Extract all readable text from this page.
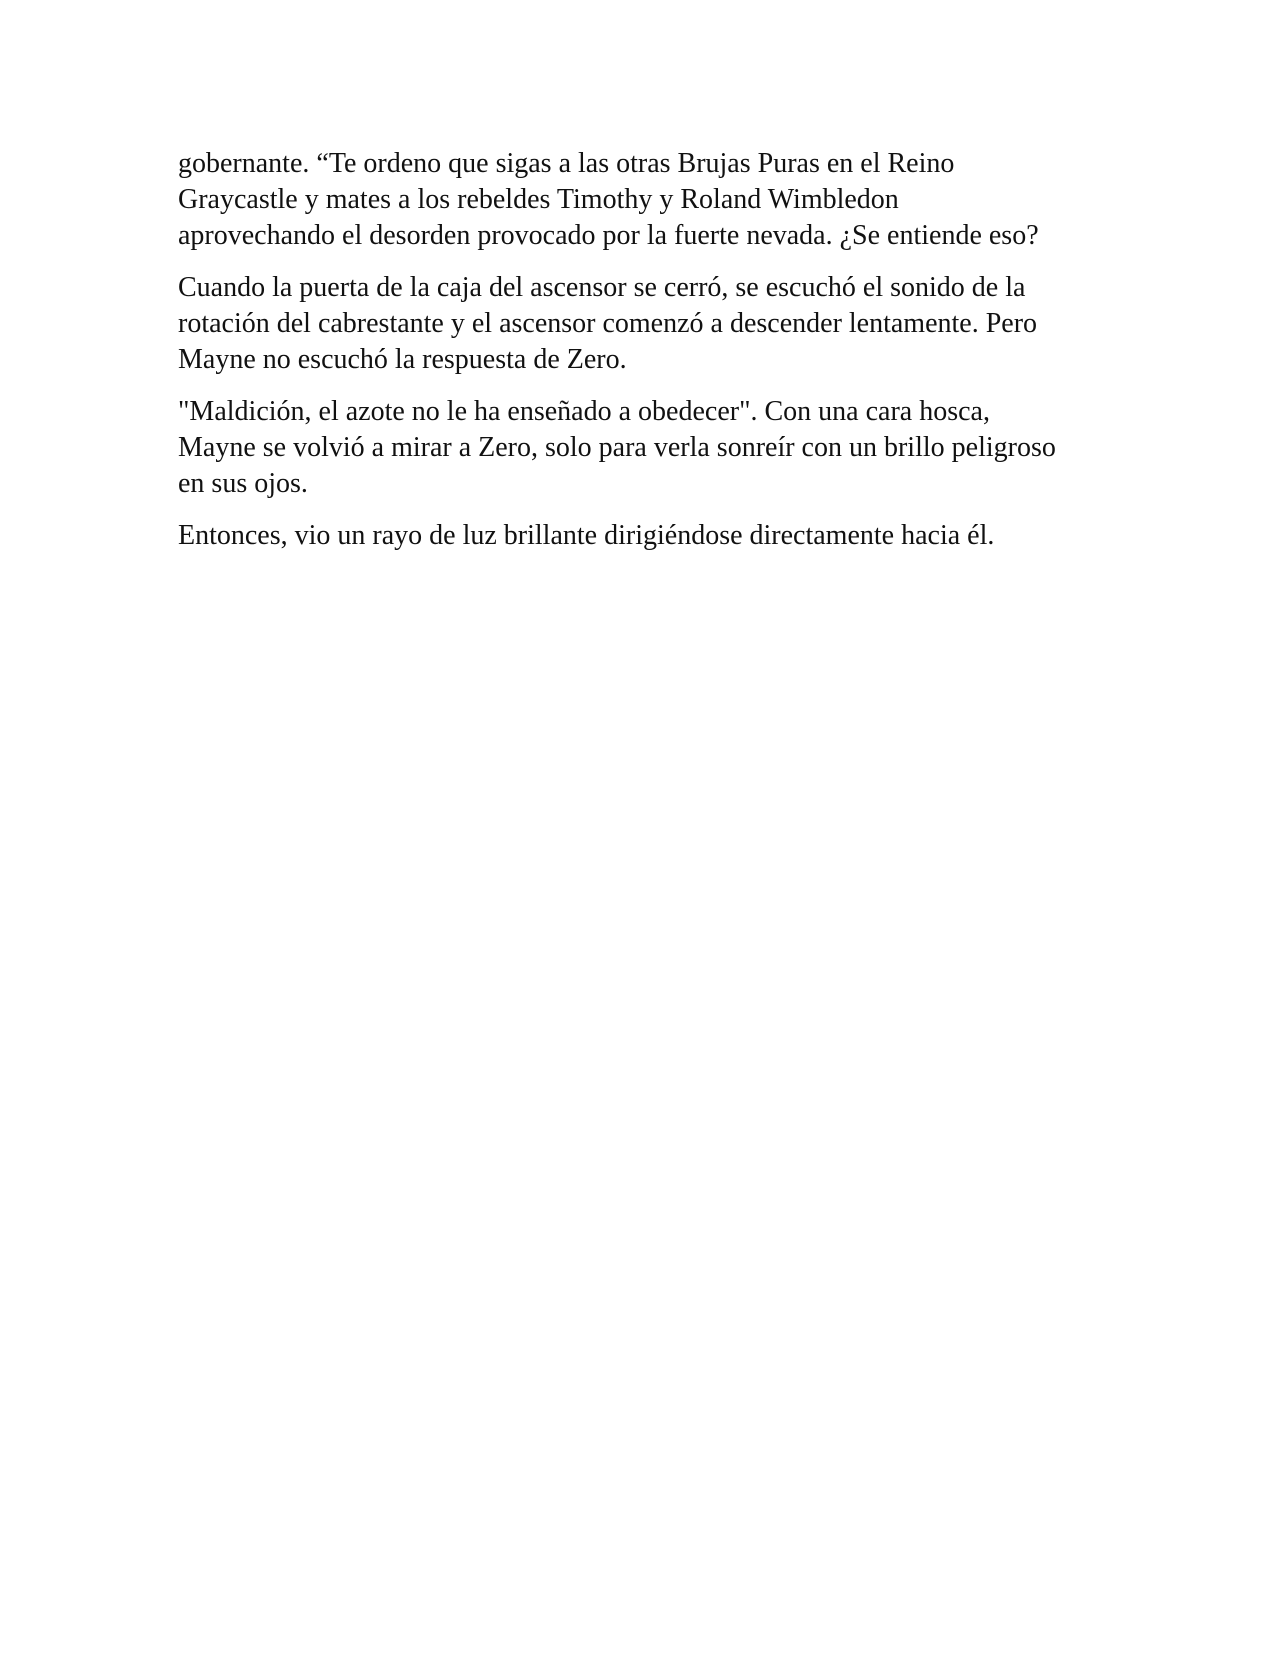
gobernante. “Te ordeno que sigas a las otras Brujas Puras en el Reino
Graycastle y mates a los rebeldes Timothy y Roland Wimbledon
aprovechando el desorden provocado por la fuerte nevada. ¿Se entiende eso?

Cuando la puerta de la caja del ascensor se cerró, se escuchó el sonido de la
rotación del cabrestante y el ascensor comenzó a descender lentamente. Pero
Mayne no escuchó la respuesta de Zero.

"Maldición, el azote no le ha enseñado a obedecer". Con una cara hosca,
Mayne se volvió a mirar a Zero, solo para verla sonreír con un brillo peligroso
en sus ojos.

Entonces, vio un rayo de luz brillante dirigiéndose directamente hacia él.
